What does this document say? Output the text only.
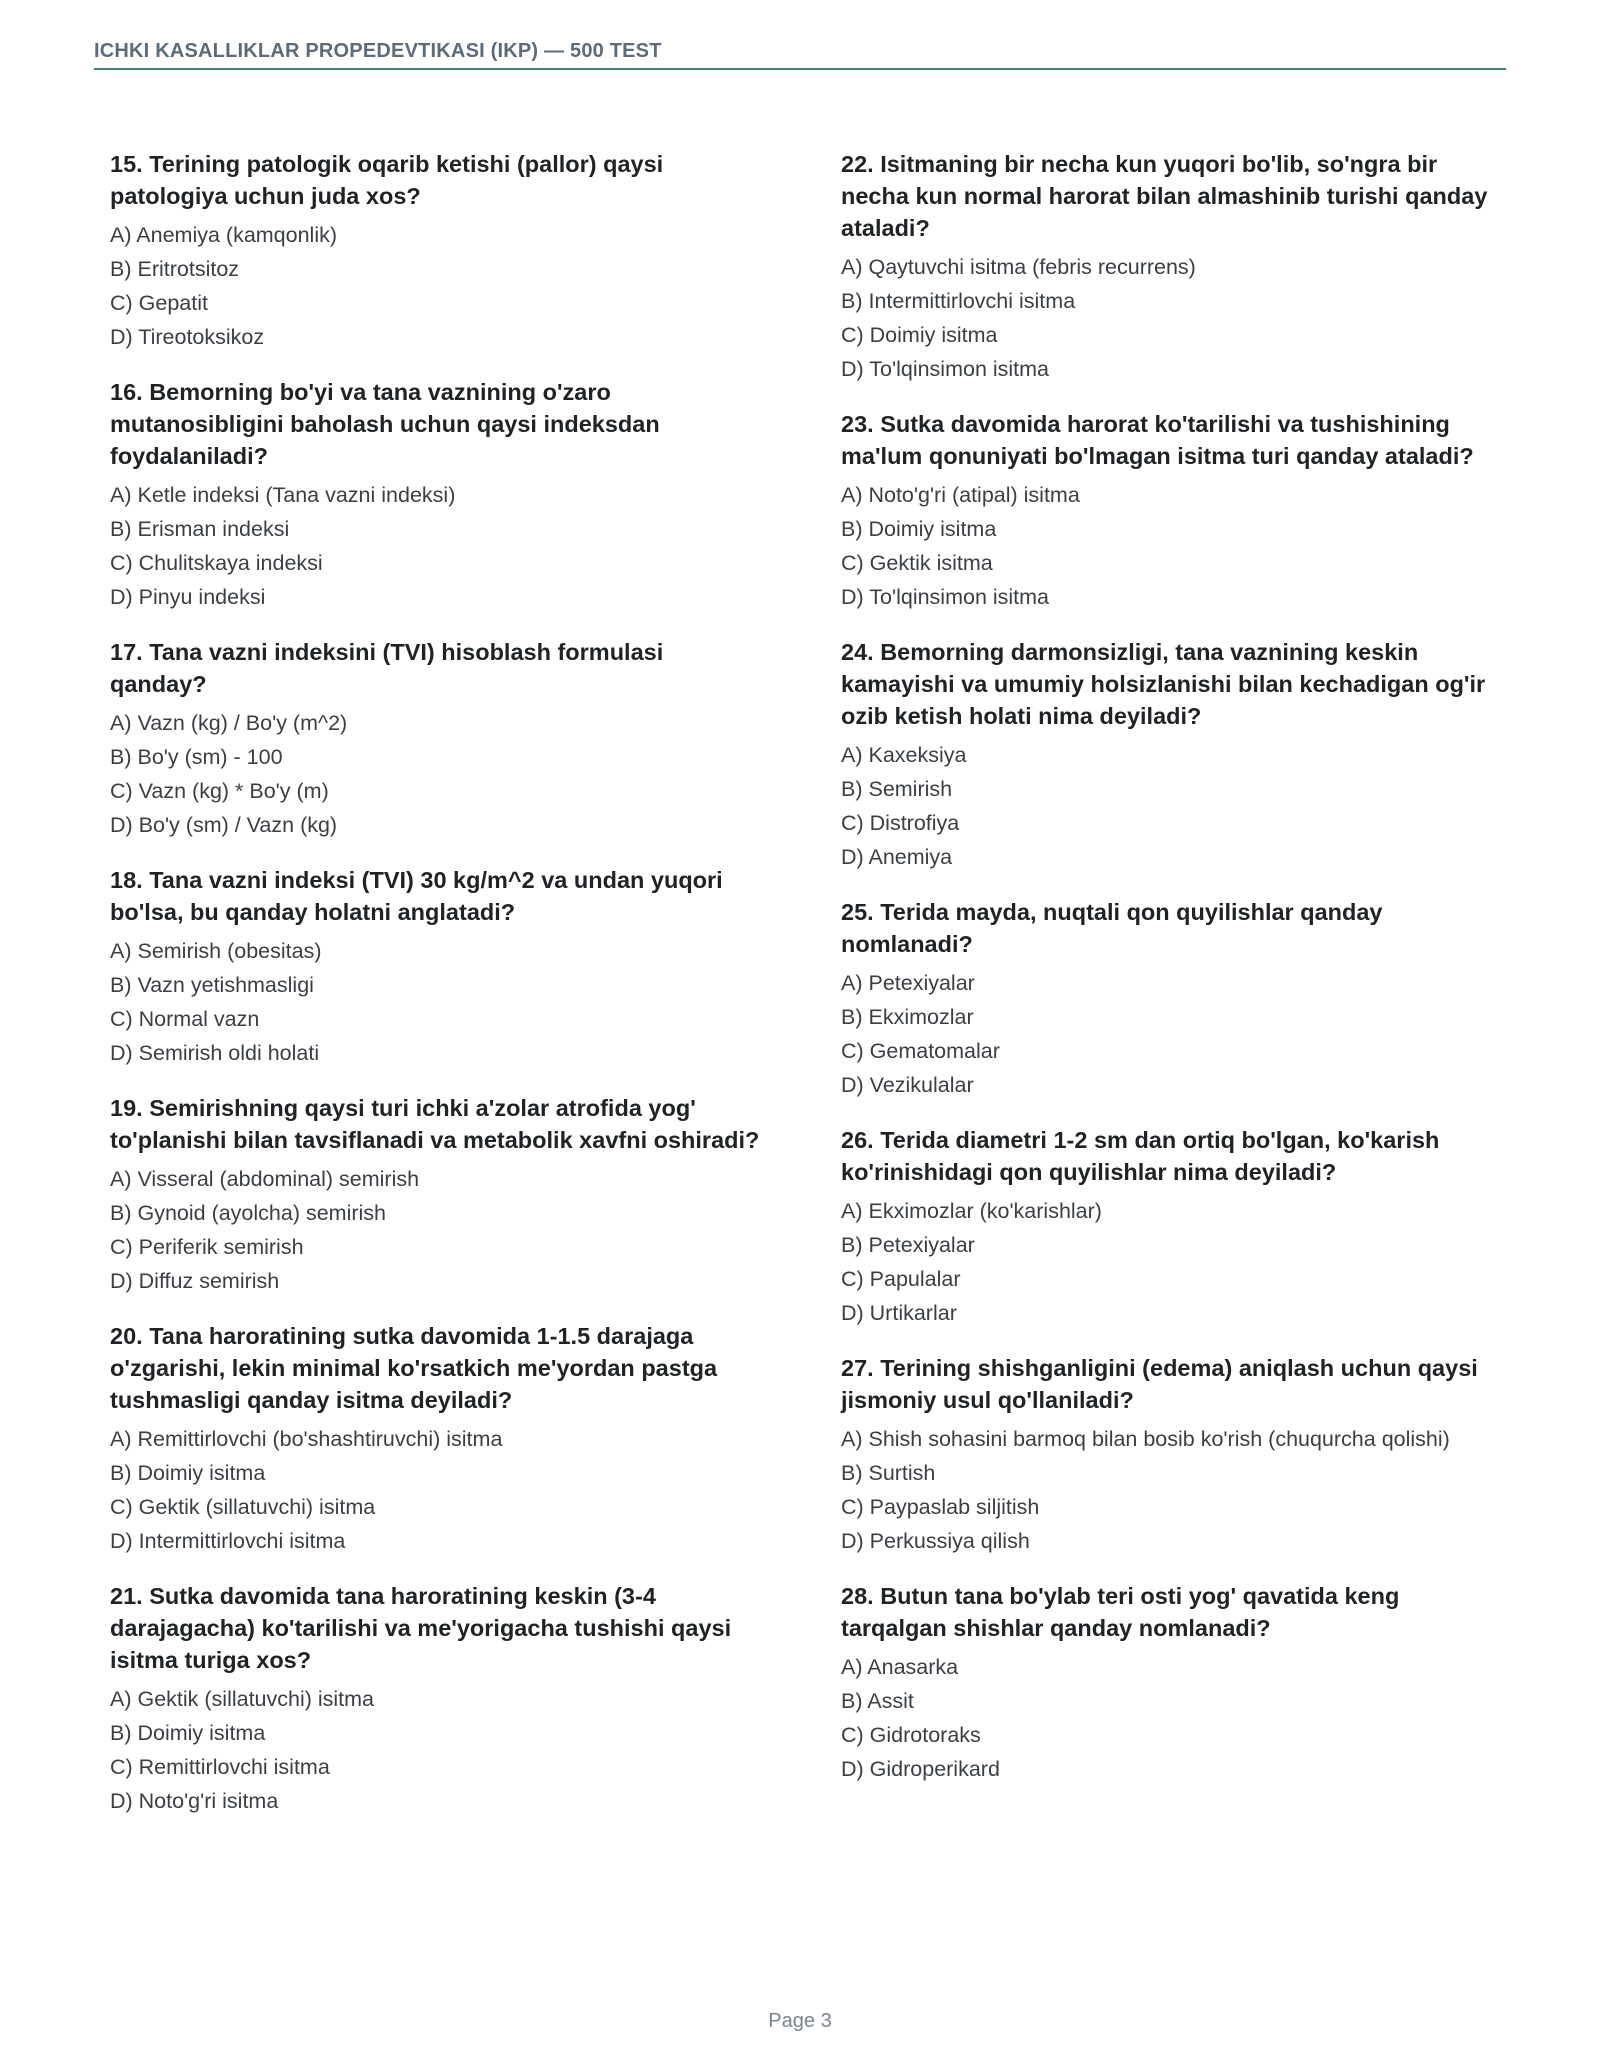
ICHKI KASALLIKLAR PROPEDEVTIKASI (IKP) — 500 TEST
15. Terining patologik oqarib ketishi (pallor) qaysi
patologiya uchun juda xos?
A) Anemiya (kamqonlik)
B) Eritrotsitoz
C) Gepatit
D) Tireotoksikoz
16. Bemorning bo'yi va tana vaznining o'zaro
mutanosibligini baholash uchun qaysi indeksdan
foydalaniladi?
A) Ketle indeksi (Tana vazni indeksi)
B) Erisman indeksi
C) Chulitskaya indeksi
D) Pinyu indeksi
17. Tana vazni indeksini (TVI) hisoblash formulasi
qanday?
A) Vazn (kg) / Bo'y (m^2)
B) Bo'y (sm) - 100
C) Vazn (kg) * Bo'y (m)
D) Bo'y (sm) / Vazn (kg)
18. Tana vazni indeksi (TVI) 30 kg/m^2 va undan yuqori
bo'lsa, bu qanday holatni anglatadi?
A) Semirish (obesitas)
B) Vazn yetishmasligi
C) Normal vazn
D) Semirish oldi holati
19. Semirishning qaysi turi ichki a'zolar atrofida yog'
to'planishi bilan tavsiflanadi va metabolik xavfni oshiradi?
A) Visseral (abdominal) semirish
B) Gynoid (ayolcha) semirish
C) Periferik semirish
D) Diffuz semirish
20. Tana haroratining sutka davomida 1-1.5 darajaga
o'zgarishi, lekin minimal ko'rsatkich me'yordan pastga
tushmasligi qanday isitma deyiladi?
A) Remittirlovchi (bo'shashtiruvchi) isitma
B) Doimiy isitma
C) Gektik (sillatuvchi) isitma
D) Intermittirlovchi isitma
21. Sutka davomida tana haroratining keskin (3-4
darajagacha) ko'tarilishi va me'yorigacha tushishi qaysi
isitma turiga xos?
A) Gektik (sillatuvchi) isitma
B) Doimiy isitma
C) Remittirlovchi isitma
D) Noto'g'ri isitma
22. Isitmaning bir necha kun yuqori bo'lib, so'ngra bir
necha kun normal harorat bilan almashinib turishi qanday
ataladi?
A) Qaytuvchi isitma (febris recurrens)
B) Intermittirlovchi isitma
C) Doimiy isitma
D) To'lqinsimon isitma
23. Sutka davomida harorat ko'tarilishi va tushishining
ma'lum qonuniyati bo'lmagan isitma turi qanday ataladi?
A) Noto'g'ri (atipal) isitma
B) Doimiy isitma
C) Gektik isitma
D) To'lqinsimon isitma
24. Bemorning darmonsizligi, tana vaznining keskin
kamayishi va umumiy holsizlanishi bilan kechadigan og'ir
ozib ketish holati nima deyiladi?
A) Kaxeksiya
B) Semirish
C) Distrofiya
D) Anemiya
25. Terida mayda, nuqtali qon quyilishlar qanday
nomlanadi?
A) Petexiyalar
B) Ekximozlar
C) Gematomalar
D) Vezikulalar
26. Terida diametri 1-2 sm dan ortiq bo'lgan, ko'karish
ko'rinishidagi qon quyilishlar nima deyiladi?
A) Ekximozlar (ko'karishlar)
B) Petexiyalar
C) Papulalar
D) Urtikarlar
27. Terining shishganligini (edema) aniqlash uchun qaysi
jismoniy usul qo'llaniladi?
A) Shish sohasini barmoq bilan bosib ko'rish (chuqurcha qolishi)
B) Surtish
C) Paypaslab siljitish
D) Perkussiya qilish
28. Butun tana bo'ylab teri osti yog' qavatida keng
tarqalgan shishlar qanday nomlanadi?
A) Anasarka
B) Assit
C) Gidrotoraks
D) Gidroperikard
Page 3
